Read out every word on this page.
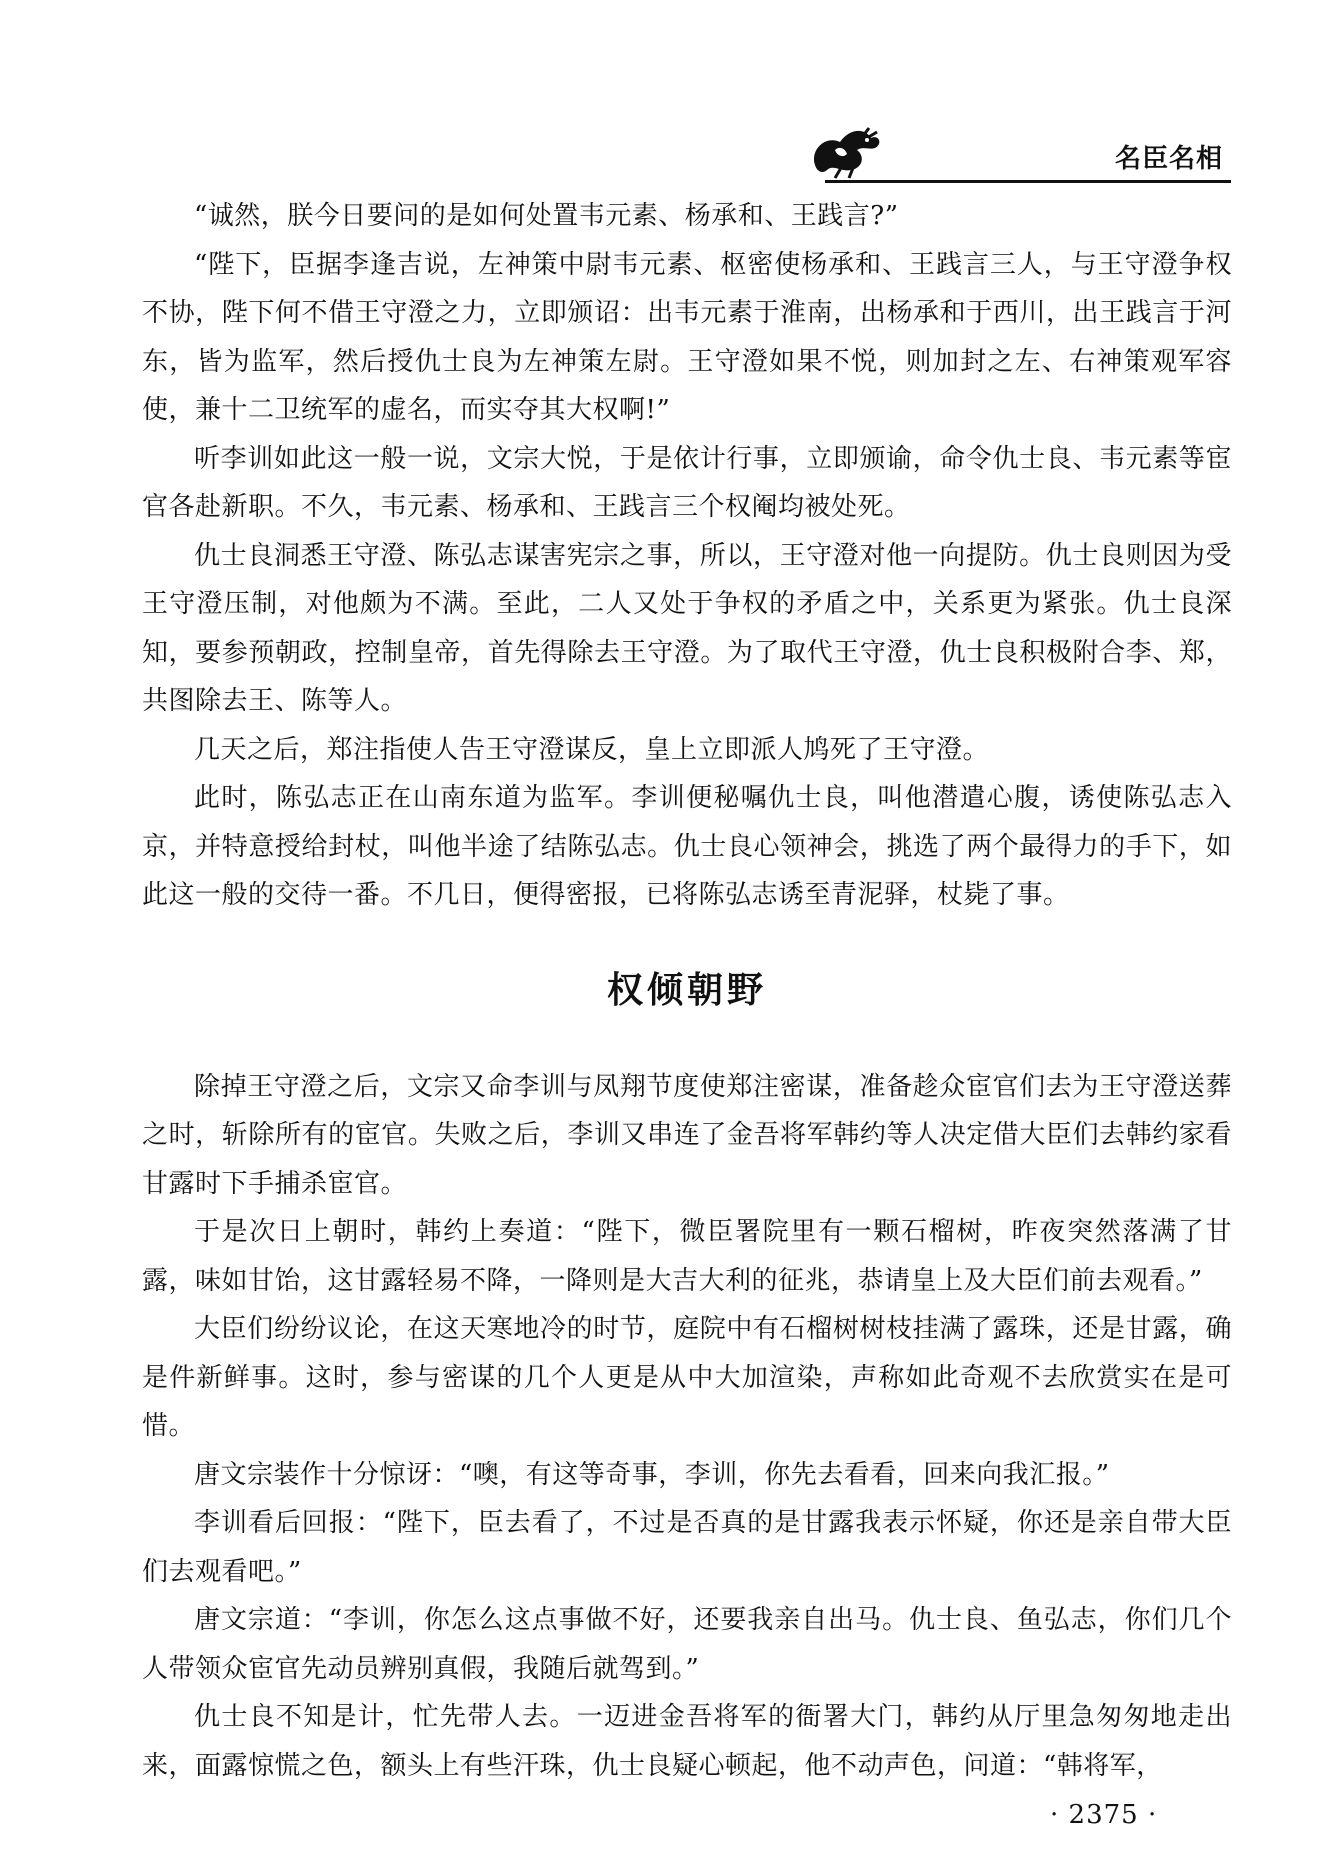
名臣名相

“诚然，朕今日要问的是如何处置韦元素、杨承和、王践言?”

“陛下，臣据李逢吉说，左神策中尉韦元素、枢密使杨承和、王践言三人，与王守澄争权不协，陛下何不借王守澄之力，立即颁诏：出韦元素于淮南，出杨承和于西川，出王践言于河东，皆为监军，然后授仇士良为左神策左尉。王守澄如果不悦，则加封之左、右神策观军容使，兼十二卫统军的虚名，而实夺其大权啊!”

听李训如此这一般一说，文宗大悦，于是依计行事，立即颁谕，命令仇士良、韦元素等宦官各赴新职。不久，韦元素、杨承和、王践言三个权阉均被处死。

仇士良洞悉王守澄、陈弘志谋害宪宗之事，所以，王守澄对他一向提防。仇士良则因为受王守澄压制，对他颇为不满。至此，二人又处于争权的矛盾之中，关系更为紧张。仇士良深知，要参预朝政，控制皇帝，首先得除去王守澄。为了取代王守澄，仇士良积极附合李、郑，共图除去王、陈等人。

几天之后，郑注指使人告王守澄谋反，皇上立即派人鸠死了王守澄。

此时，陈弘志正在山南东道为监军。李训便秘嘱仇士良，叫他潜遣心腹，诱使陈弘志入京，并特意授给封杖，叫他半途了结陈弘志。仇士良心领神会，挑选了两个最得力的手下，如此这一般的交待一番。不几日，便得密报，已将陈弘志诱至青泥驿，杖毙了事。

权倾朝野

除掉王守澄之后，文宗又命李训与凤翔节度使郑注密谋，准备趁众宦官们去为王守澄送葬之时，斩除所有的宦官。失败之后，李训又串连了金吾将军韩约等人决定借大臣们去韩约家看甘露时下手捕杀宦官。

于是次日上朝时，韩约上奏道：“陛下，微臣署院里有一颗石榴树，昨夜突然落满了甘露，味如甘饴，这甘露轻易不降，一降则是大吉大利的征兆，恭请皇上及大臣们前去观看。”

大臣们纷纷议论，在这天寒地冷的时节，庭院中有石榴树树枝挂满了露珠，还是甘露，确是件新鲜事。这时，参与密谋的几个人更是从中大加渲染，声称如此奇观不去欣赏实在是可惜。

唐文宗装作十分惊讶：“噢，有这等奇事，李训，你先去看看，回来向我汇报。”

李训看后回报：“陛下，臣去看了，不过是否真的是甘露我表示怀疑，你还是亲自带大臣们去观看吧。”

唐文宗道：“李训，你怎么这点事做不好，还要我亲自出马。仇士良、鱼弘志，你们几个人带领众宦官先动员辨别真假，我随后就驾到。”

仇士良不知是计，忙先带人去。一迈进金吾将军的衙署大门，韩约从厅里急匆匆地走出来，面露惊慌之色，额头上有些汗珠，仇士良疑心顿起，他不动声色，问道：“韩将军，

· 2375 ·
